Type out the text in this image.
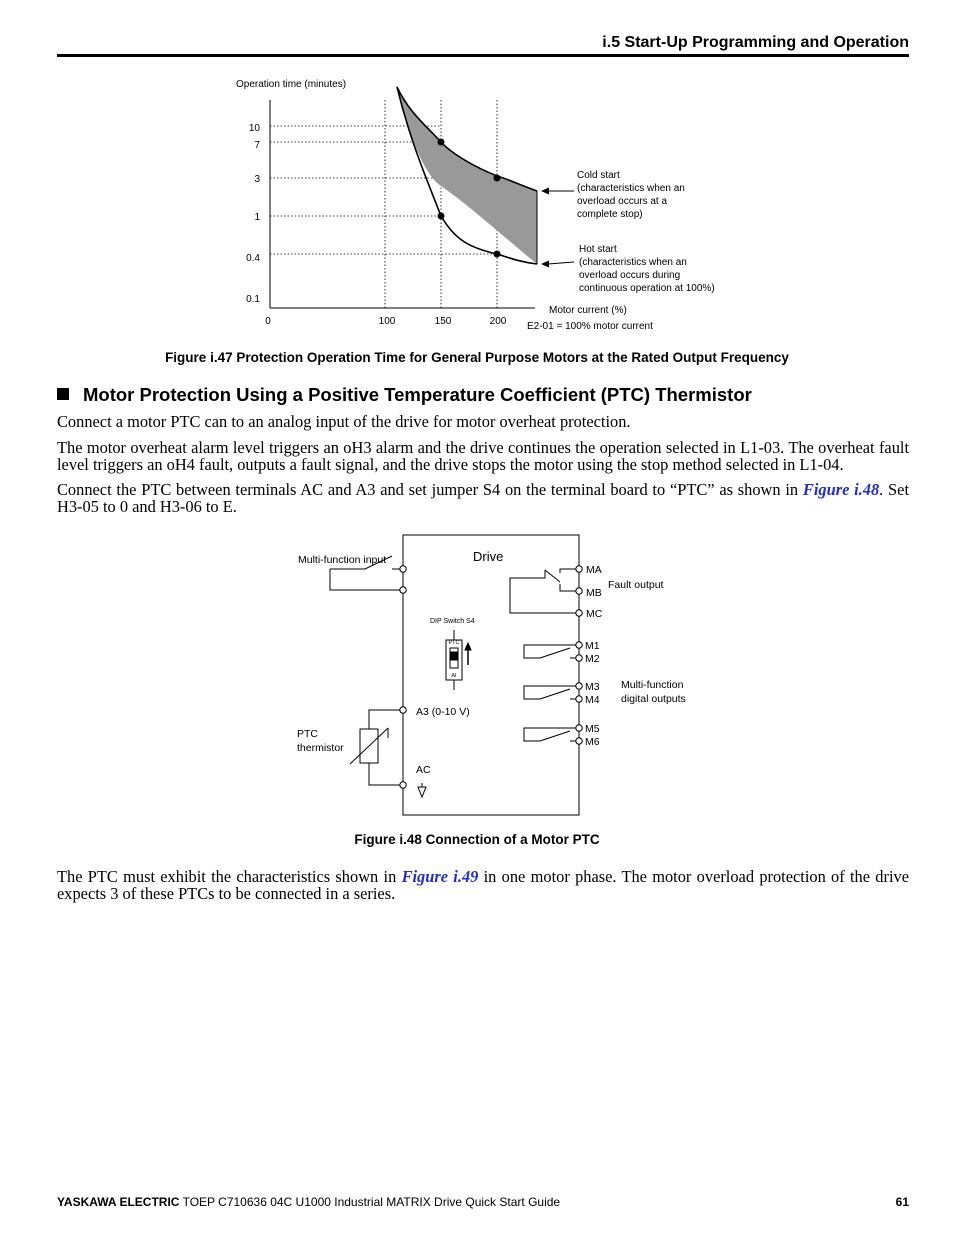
i.5 Start-Up Programming and Operation
Operation time (minutes)
10
7
3
1
0.4
0.1
0	100	150	200
Motor current (%)
E2-01 = 100% motor current
Cold start
(characteristics when an
overload occurs at a
complete stop)
Hot start
(characteristics when an
overload occurs during
continuous operation at 100%)
Figure i.47 Protection Operation Time for General Purpose Motors at the Rated Output Frequency
Motor Protection Using a Positive Temperature Coefficient (PTC) Thermistor
Connect a motor PTC can to an analog input of the drive for motor overheat protection.
The motor overheat alarm level triggers an oH3 alarm and the drive continues the operation selected in L1-03. The overheat fault level triggers an oH4 fault, outputs a fault signal, and the drive stops the motor using the stop method selected in L1-04.
Connect the PTC between terminals AC and A3 and set jumper S4 on the terminal board to “PTC” as shown in Figure i.48. Set H3-05 to 0 and H3-06 to E.
Drive
Multi-function input
DIP Switch S4
PTC
AI
A3 (0-10 V)
AC
PTC
thermistor
MA
MB
MC
M1
M2
M3
M4
M5
M6
Fault output
Multi-function
digital outputs
Figure i.48 Connection of a Motor PTC
The PTC must exhibit the characteristics shown in Figure i.49 in one motor phase. The motor overload protection of the drive expects 3 of these PTCs to be connected in a series.
YASKAWA ELECTRIC TOEP C710636 04C U1000 Industrial MATRIX Drive Quick Start Guide	61
